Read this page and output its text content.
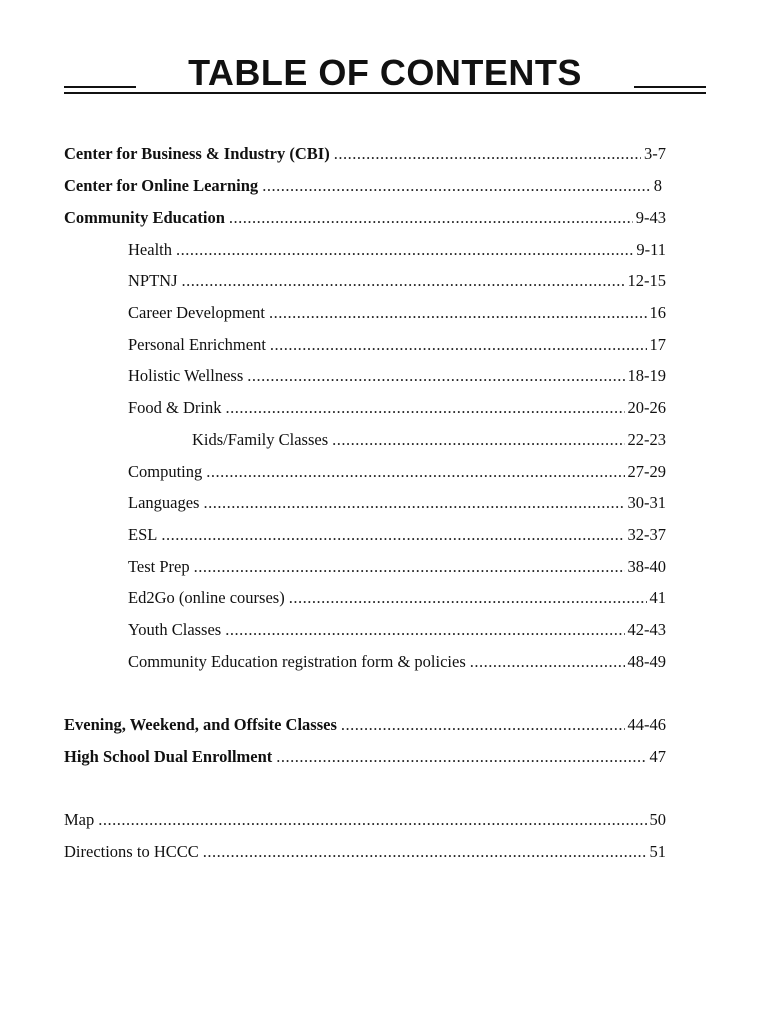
TABLE OF CONTENTS
Center for Business & Industry (CBI) .....	3-7
Center for Online Learning .....	8
Community Education .....	9-43
Health .....	9-11
NPTNJ .....	12-15
Career Development .....	16
Personal Enrichment .....	17
Holistic Wellness .....	18-19
Food & Drink .....	20-26
Kids/Family Classes .....	22-23
Computing .....	27-29
Languages .....	30-31
ESL .....	32-37
Test Prep .....	38-40
Ed2Go (online courses) .....	41
Youth Classes .....	42-43
Community Education registration form & policies .....	48-49
Evening, Weekend, and Offsite Classes .....	44-46
High School Dual Enrollment .....	47
Map .....	50
Directions to HCCC .....	51
